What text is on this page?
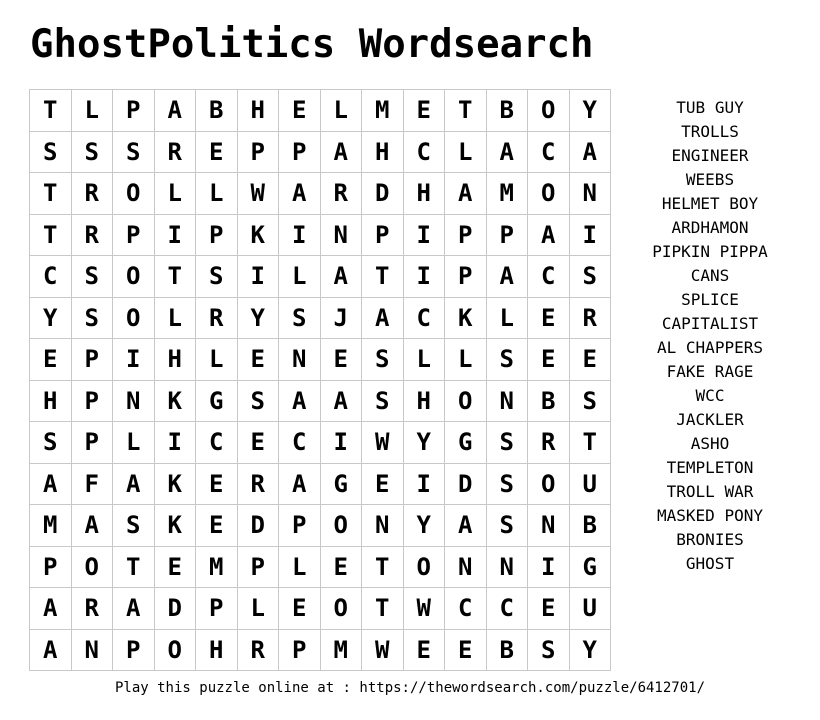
GhostPolitics Wordsearch
T	L	P	A	B	H	E	L	M	E	T	B	O	Y
S	S	S	R	E	P	P	A	H	C	L	A	C	A
T	R	O	L	L	W	A	R	D	H	A	M	O	N
T	R	P	I	P	K	I	N	P	I	P	P	A	I
C	S	O	T	S	I	L	A	T	I	P	A	C	S
Y	S	O	L	R	Y	S	J	A	C	K	L	E	R
E	P	I	H	L	E	N	E	S	L	L	S	E	E
H	P	N	K	G	S	A	A	S	H	O	N	B	S
S	P	L	I	C	E	C	I	W	Y	G	S	R	T
A	F	A	K	E	R	A	G	E	I	D	S	O	U
M	A	S	K	E	D	P	O	N	Y	A	S	N	B
P	O	T	E	M	P	L	E	T	O	N	N	I	G
A	R	A	D	P	L	E	O	T	W	C	C	E	U
A	N	P	O	H	R	P	M	W	E	E	B	S	Y
TUB GUY
TROLLS
ENGINEER
WEEBS
HELMET BOY
ARDHAMON
PIPKIN PIPPA
CANS
SPLICE
CAPITALIST
AL CHAPPERS
FAKE RAGE
WCC
JACKLER
ASHO
TEMPLETON
TROLL WAR
MASKED PONY
BRONIES
GHOST
Play this puzzle online at : https://thewordsearch.com/puzzle/6412701/
